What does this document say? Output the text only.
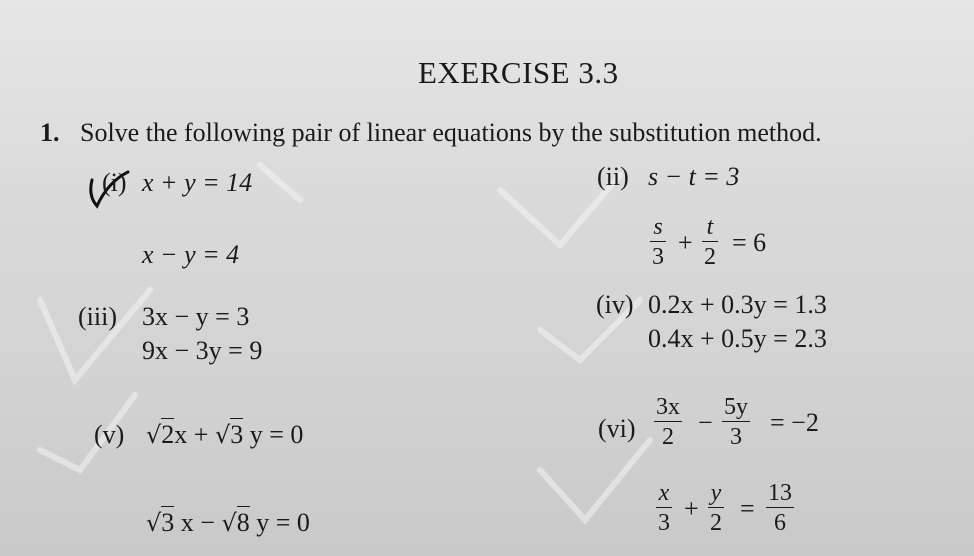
EXERCISE 3.3
1. Solve the following pair of linear equations by the substitution method.
(i) x + y = 14
x − y = 4
(ii) s − t = 3
s
3 +
t
2 = 6
(iii) 3x − y = 3
9x − 3y = 9
(iv) 0.2x + 0.3y = 1.3
0.4x + 0.5y = 2.3
(v) √2x + √3 y = 0
√3 x − √8 y = 0
(vi)
3x
2 −
5y
3 = −2
x
3 +
y
2 =
13
6
